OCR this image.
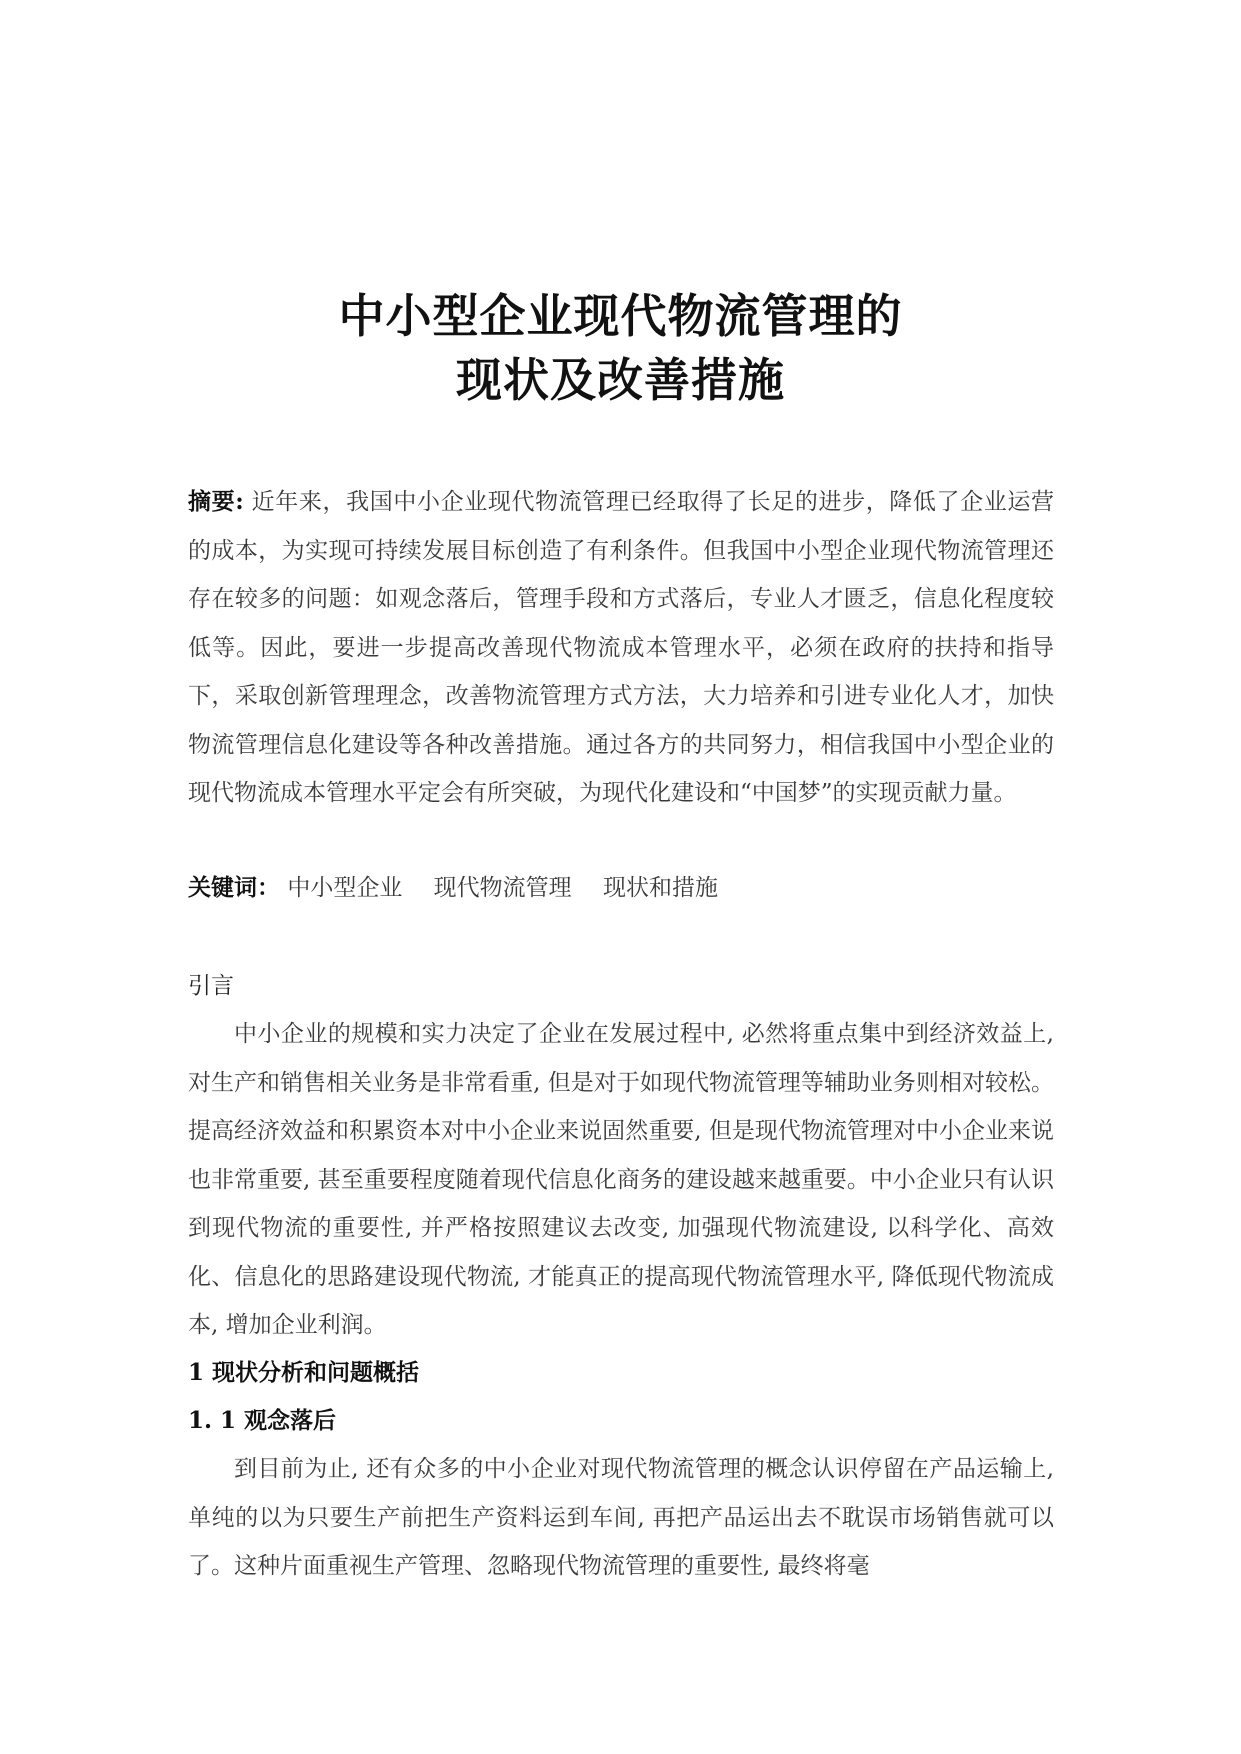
中小型企业现代物流管理的
现状及改善措施
摘要: 近年来，我国中小企业现代物流管理已经取得了长足的进步，降低了企业运营的成本，为实现可持续发展目标创造了有利条件。但我国中小型企业现代物流管理还存在较多的问题：如观念落后，管理手段和方式落后，专业人才匮乏，信息化程度较低等。因此，要进一步提高改善现代物流成本管理水平，必须在政府的扶持和指导下，采取创新管理理念，改善物流管理方式方法，大力培养和引进专业化人才，加快物流管理信息化建设等各种改善措施。通过各方的共同努力，相信我国中小型企业的现代物流成本管理水平定会有所突破，为现代化建设和“中国梦”的实现贡献力量。
关键词： 中小型企业 现代物流管理 现状和措施
引言
中小企业的规模和实力决定了企业在发展过程中, 必然将重点集中到经济效益上, 对生产和销售相关业务是非常看重, 但是对于如现代物流管理等辅助业务则相对较松。提高经济效益和积累资本对中小企业来说固然重要, 但是现代物流管理对中小企业来说也非常重要, 甚至重要程度随着现代信息化商务的建设越来越重要。中小企业只有认识到现代物流的重要性, 并严格按照建议去改变, 加强现代物流建设, 以科学化、高效化、信息化的思路建设现代物流, 才能真正的提高现代物流管理水平, 降低现代物流成本, 增加企业利润。
1 现状分析和问题概括
1. 1 观念落后
到目前为止, 还有众多的中小企业对现代物流管理的概念认识停留在产品运输上, 单纯的以为只要生产前把生产资料运到车间, 再把产品运出去不耽误市场销售就可以了。这种片面重视生产管理、忽略现代物流管理的重要性, 最终将毫
